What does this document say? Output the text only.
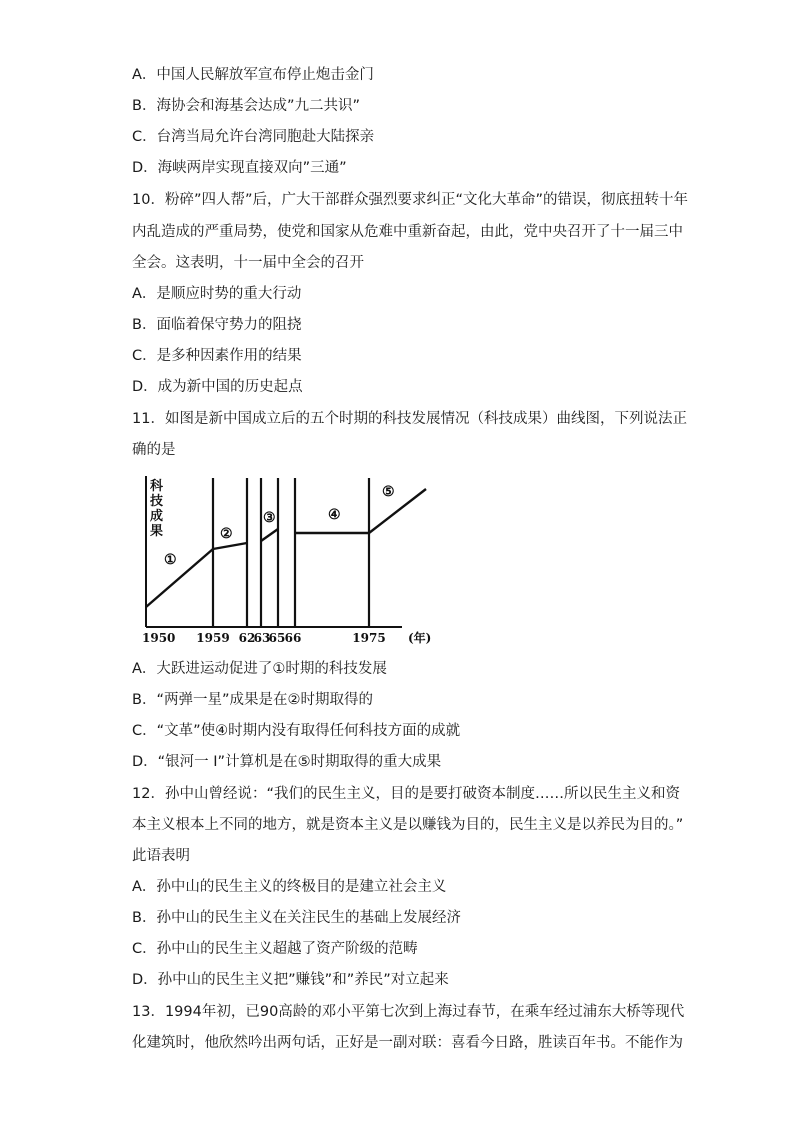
A．中国人民解放军宣布停止炮击金门
B．海协会和海基会达成”九二共识”
C．台湾当局允许台湾同胞赴大陆探亲
D．海峡两岸实现直接双向”三通”
10．粉碎”四人帮”后，广大干部群众强烈要求纠正“文化大革命”的错误，彻底扭转十年
内乱造成的严重局势，使党和国家从危难中重新奋起，由此，党中央召开了十一届三中
全会。这表明，十一届中全会的召开
A．是顺应时势的重大行动
B．面临着保守势力的阻挠
C．是多种因素作用的结果
D．成为新中国的历史起点
11．如图是新中国成立后的五个时期的科技发展情况（科技成果）曲线图，下列说法正
确的是
科
技
成
果
①
②
③	④
⑤
1950 1959 62
63
65 66	1975 (年)
A．大跃进运动促进了①时期的科技发展
B．“两弹一星”成果是在②时期取得的
C．“文革”使④时期内没有取得任何科技方面的成就
D．“银河一 I”计算机是在⑤时期取得的重大成果
12．孙中山曾经说：“我们的民生主义，目的是要打破资本制度……所以民生主义和资
本主义根本上不同的地方，就是资本主义是以赚钱为目的，民生主义是以养民为目的。”
此语表明
A．孙中山的民生主义的终极目的是建立社会主义
B．孙中山的民生主义在关注民生的基础上发展经济
C．孙中山的民生主义超越了资产阶级的范畴
D．孙中山的民生主义把”赚钱”和”养民”对立起来
13．1994年初，已90高龄的邓小平第七次到上海过春节，在乘车经过浦东大桥等现代
化建筑时，他欣然吟出两句话，正好是一副对联：喜看今日路，胜读百年书。不能作为
